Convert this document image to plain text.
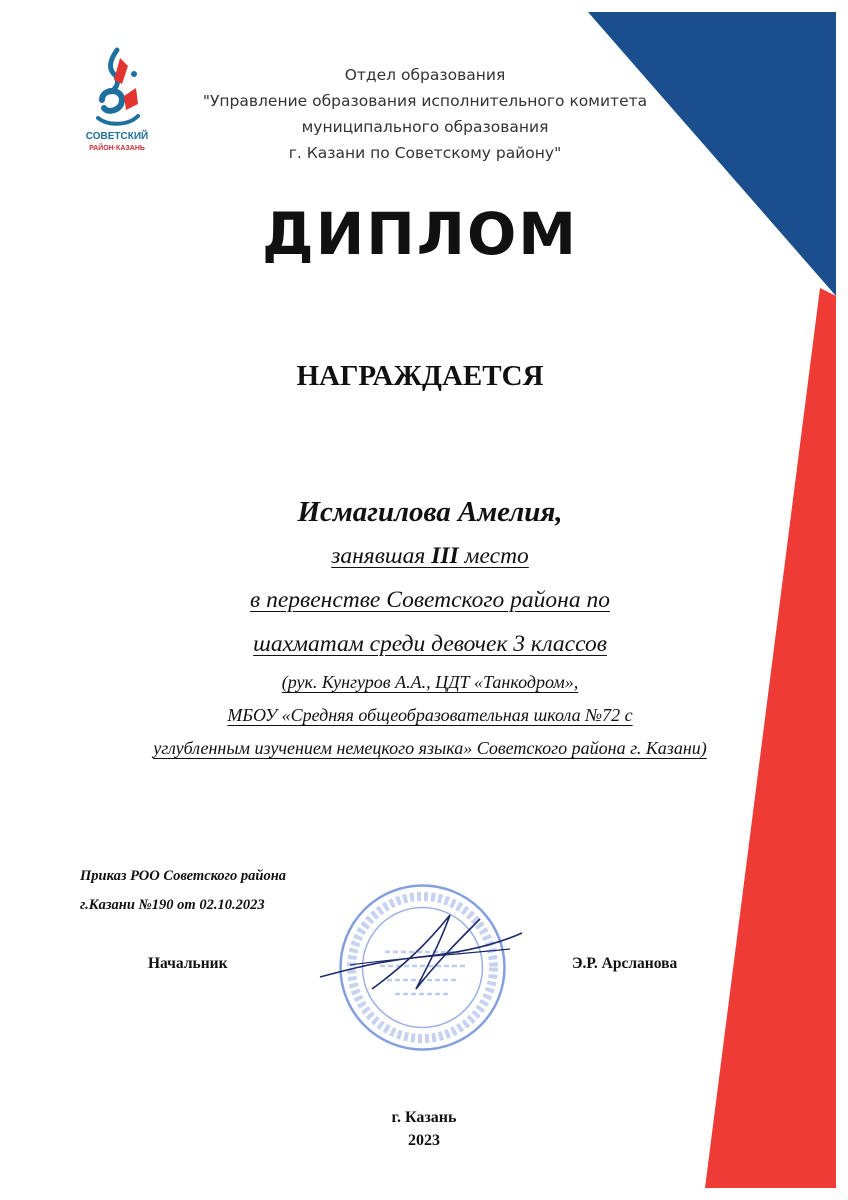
СОВЕТСКИЙ
РАЙОН·КАЗАНЬ
Отдел образования
"Управление образования исполнительного комитета
муниципального образования
г. Казани по Советскому району"
ДИПЛОМ
НАГРАЖДАЕТСЯ
Исмагилова Амелия,
занявшая III место
в первенстве Советского района по
шахматам среди девочек 3 классов
(рук. Кунгуров А.А., ЦДТ «Танкодром»,
МБОУ «Средняя общеобразовательная школа №72 с
углубленным изучением немецкого языка» Советского района г. Казани)
Приказ РОО Советского района
г.Казани №190 от 02.10.2023
Начальник	Э.Р. Арсланова
г. Казань
2023
